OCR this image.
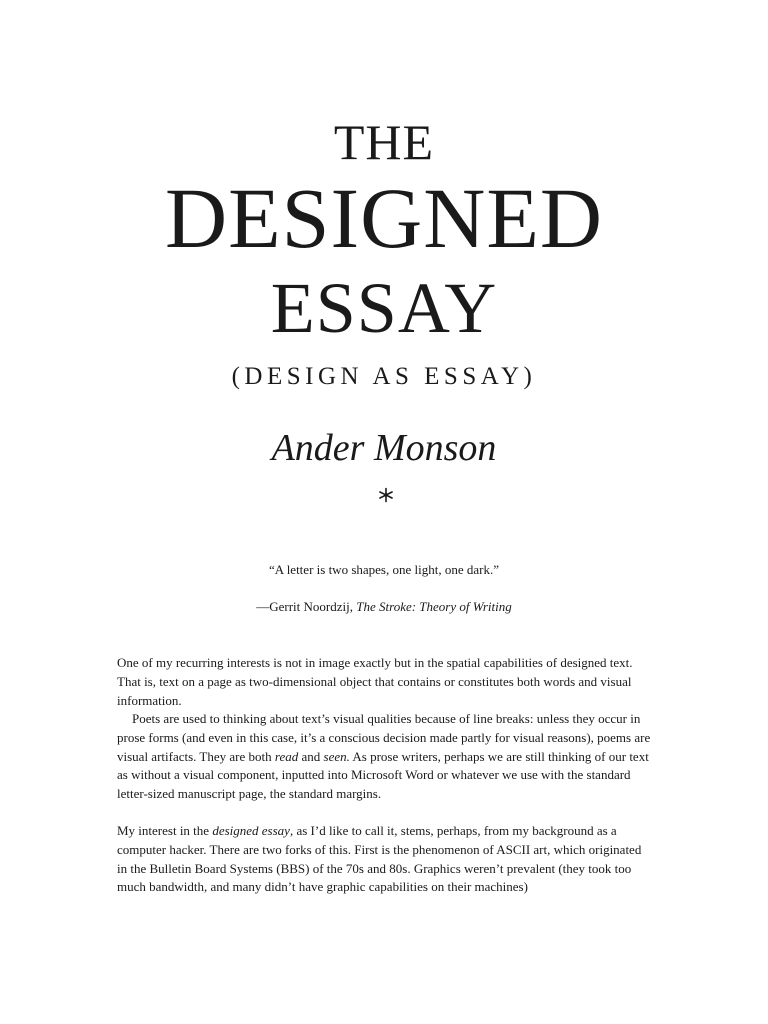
THE
DESIGNED
ESSAY
(DESIGN AS ESSAY)
Ander Monson
“A letter is two shapes, one light, one dark.”
—Gerrit Noordzij, The Stroke: Theory of Writing

One of my recurring interests is not in image exactly but in the spatial capabilities of designed text. That is, text on a page as two-dimensional object that contains or constitutes both words and visual information.

Poets are used to thinking about text’s visual qualities because of line breaks: unless they occur in prose forms (and even in this case, it’s a conscious decision made partly for visual reasons), poems are visual artifacts. They are both read and seen. As prose writers, perhaps we are still thinking of our text as without a visual component, inputted into Microsoft Word or whatever we use with the standard letter-sized manuscript page, the standard margins.

My interest in the designed essay, as I’d like to call it, stems, perhaps, from my background as a computer hacker. There are two forks of this. First is the phenomenon of ASCII art, which originated in the Bulletin Board Systems (BBS) of the 70s and 80s. Graphics weren’t prevalent (they took too much bandwidth, and many didn’t have graphic capabilities on their machines)
